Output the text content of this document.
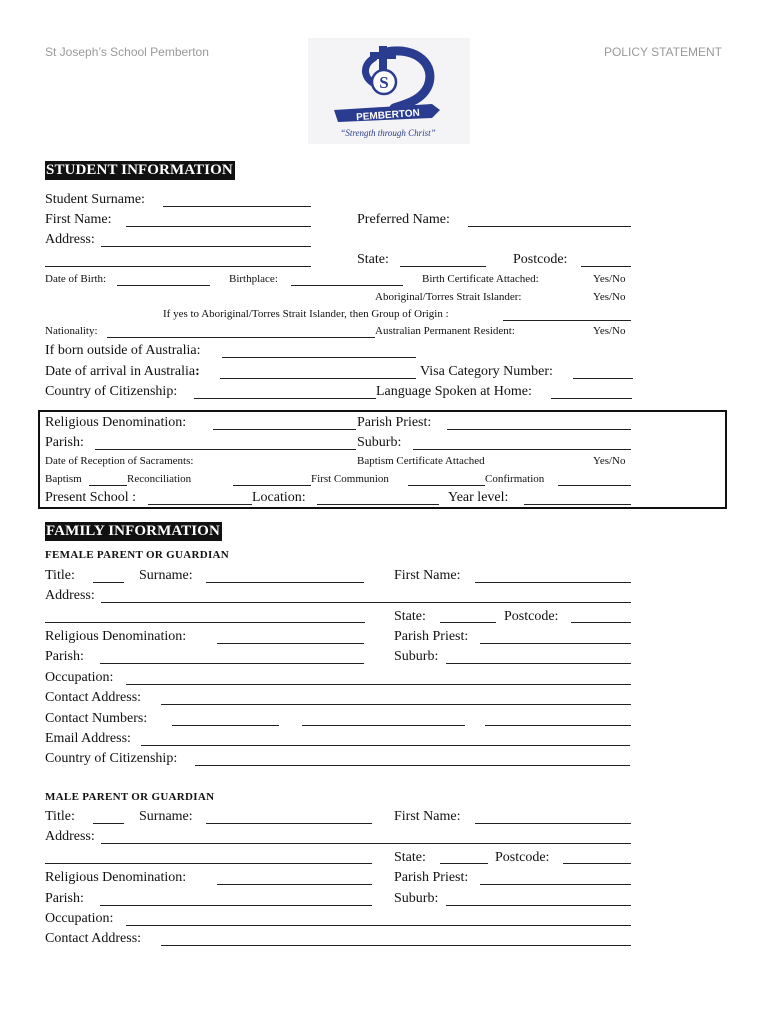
St Joseph’s School Pemberton	POLICY STATEMENT
S
PEMBERTON
“Strength through Christ”
STUDENT INFORMATION
Student Surname:
First Name:	Preferred Name:
Address:
State:	Postcode:
Date of Birth:	Birthplace:	Birth Certificate Attached:	Yes/No
Aboriginal/Torres Strait Islander:	Yes/No
If yes to Aboriginal/Torres Strait Islander, then Group of Origin :
Nationality:	Australian Permanent Resident:	Yes/No
If born outside of Australia:
Date of arrival in Australia:	Visa Category Number:
Country of Citizenship:	Language Spoken at Home:
Religious Denomination:	Parish Priest:
Parish:	Suburb:
Date of Reception of Sacraments:	Baptism Certificate Attached	Yes/No
Baptism	Reconciliation	First Communion	Confirmation
Present School :	Location:	Year level:
FAMILY INFORMATION
FEMALE PARENT OR GUARDIAN
Title:	Surname:	First Name:
Address:
State:	Postcode:
Religious Denomination:	Parish Priest:
Parish:	Suburb:
Occupation:
Contact Address:
Contact Numbers:
Email Address:
Country of Citizenship:
MALE PARENT OR GUARDIAN
Title:	Surname:	First Name:
Address:
State:	Postcode:
Religious Denomination:	Parish Priest:
Parish:	Suburb:
Occupation:
Contact Address:
